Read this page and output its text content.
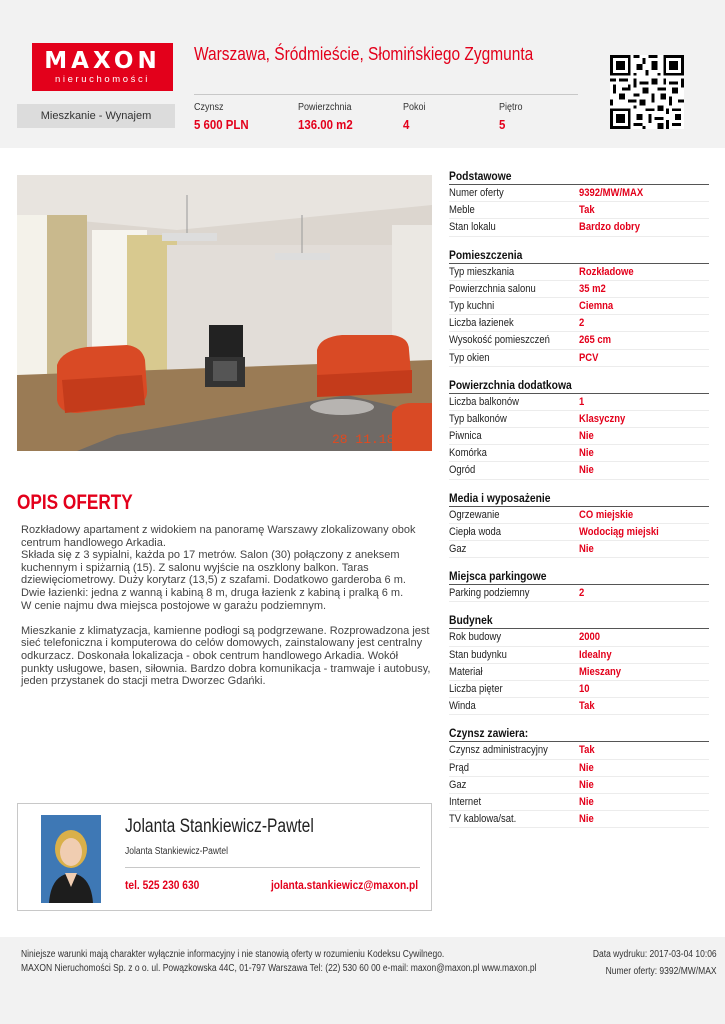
MAXON
nieruchomości
Warszawa, Śródmieście, Słomińskiego Zygmunta
Mieszkanie - Wynajem
Czynsz
5 600 PLN
Powierzchnia
136.00 m2
Pokoi
4
Piętro
5
28 11.18
OPIS OFERTY

Rozkładowy apartament z widokiem na panoramę Warszawy zlokalizowany obok centrum handlowego Arkadia.
Składa się z 3 sypialni, każda po 17 metrów. Salon (30) połączony z aneksem kuchennym i spiżarnią (15). Z salonu wyjście na oszklony balkon. Taras dziewięciometrowy. Duży korytarz (13,5) z szafami. Dodatkowo garderoba 6 m.
Dwie łazienki: jedna z wanną i kabiną 8 m, druga łazienk z kabiną i pralką 6 m.
W cenie najmu dwa miejsca postojowe w garażu podziemnym.

Mieszkanie z klimatyzacja, kamienne podłogi są podgrzewane. Rozprowadzona jest sieć telefoniczna i komputerowa do celów domowych, zainstalowany jest centralny odkurzacz. Doskonała lokalizacja - obok centrum handlowego Arkadia. Wokół punkty usługowe, basen, siłownia. Bardzo dobra komunikacja - tramwaje i autobusy, jeden przystanek do stacji metra Dworzec Gdańki.

Jolanta Stankiewicz-Pawtel
Jolanta Stankiewicz-Pawtel
tel. 525 230 630	jolanta.stankiewicz@maxon.pl
Podstawowe
Numer oferty	9392/MW/MAX
Meble	Tak
Stan lokalu	Bardzo dobry
Pomieszczenia
Typ mieszkania	Rozkładowe
Powierzchnia salonu	35 m2
Typ kuchni	Ciemna
Liczba łazienek	2
Wysokość pomieszczeń	265 cm
Typ okien	PCV
Powierzchnia dodatkowa
Liczba balkonów	1
Typ balkonów	Klasyczny
Piwnica	Nie
Komórka	Nie
Ogród	Nie
Media i wyposażenie
Ogrzewanie	CO miejskie
Ciepła woda	Wodociąg miejski
Gaz	Nie
Miejsca parkingowe
Parking podziemny	2
Budynek
Rok budowy	2000
Stan budynku	Idealny
Materiał	Mieszany
Liczba pięter	10
Winda	Tak
Czynsz zawiera:
Czynsz administracyjny	Tak
Prąd	Nie
Gaz	Nie
Internet	Nie
TV kablowa/sat.	Nie
Niniejsze warunki mają charakter wyłącznie informacyjny i nie stanowią oferty w rozumieniu Kodeksu Cywilnego.
MAXON Nieruchomości Sp. z o o. ul. Powązkowska 44C, 01-797 Warszawa Tel: (22) 530 60 00 e-mail: maxon@maxon.pl www.maxon.pl
Data wydruku: 2017-03-04 10:06
Numer oferty: 9392/MW/MAX
